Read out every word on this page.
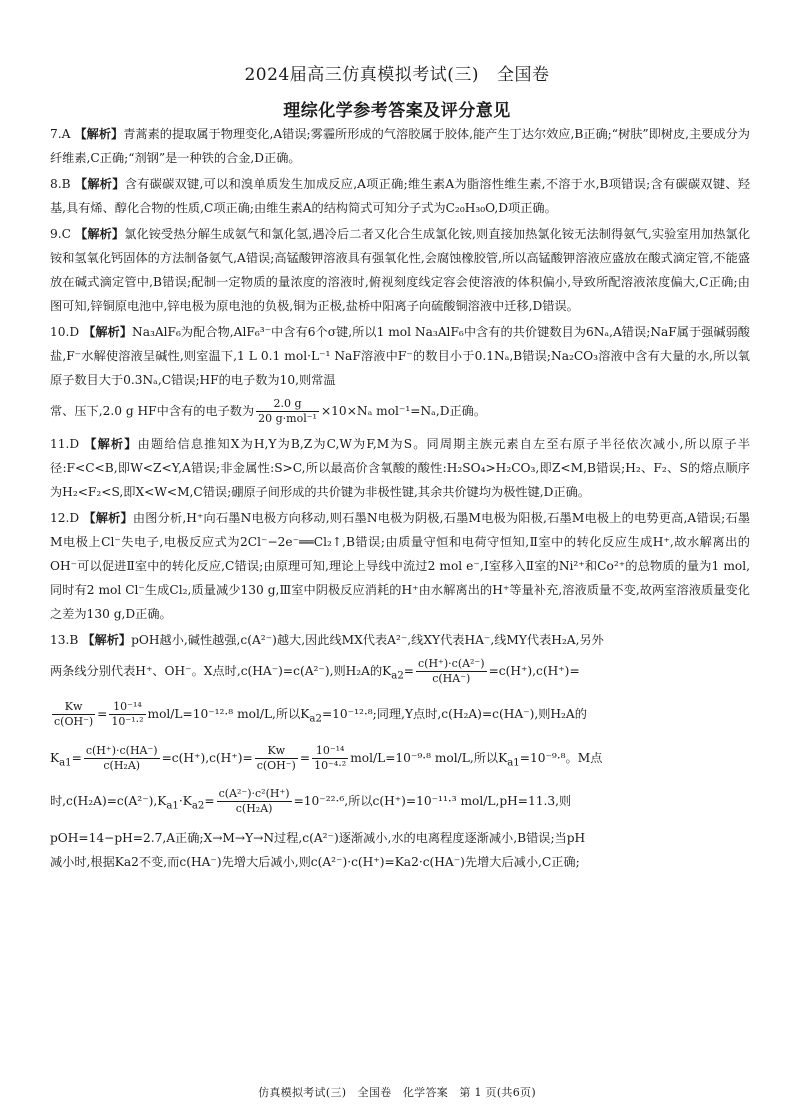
2024届高三仿真模拟考试(三) 全国卷
理综化学参考答案及评分意见
7.A 【解析】青蒿素的提取属于物理变化,A错误;雾霾所形成的气溶胶属于胶体,能产生丁达尔效应,B正确;“树肤”即树皮,主要成分为纤维素,C正确;“剂钢”是一种铁的合金,D正确。
8.B 【解析】含有碳碳双键,可以和溴单质发生加成反应,A项正确;维生素A为脂溶性维生素,不溶于水,B项错误;含有碳碳双键、羟基,具有烯、醇化合物的性质,C项正确;由维生素A的结构简式可知分子式为C₂₀H₃₀O,D项正确。
9.C 【解析】氯化铵受热分解生成氨气和氯化氢,遇冷后二者又化合生成氯化铵,则直接加热氯化铵无法制得氨气,实验室用加热氯化铵和氢氧化钙固体的方法制备氨气,A错误;高锰酸钾溶液具有强氧化性,会腐蚀橡胶管,所以高锰酸钾溶液应盛放在酸式滴定管,不能盛放在碱式滴定管中,B错误;配制一定物质的量浓度的溶液时,俯视刻度线定容会使溶液的体积偏小,导致所配溶液浓度偏大,C正确;由图可知,锌铜原电池中,锌电极为原电池的负极,铜为正极,盐桥中阳离子向硫酸铜溶液中迁移,D错误。
10.D 【解析】Na₃AlF₆为配合物,AlF₆³⁻中含有6个σ键,所以1 mol Na₃AlF₆中含有的共价键数目为6Nₐ,A错误;NaF属于强碱弱酸盐,F⁻水解使溶液呈碱性,则室温下,1 L 0.1 mol·L⁻¹ NaF溶液中F⁻的数目小于0.1Nₐ,B错误;Na₂CO₃溶液中含有大量的水,所以氧原子数目大于0.3Nₐ,C错误;HF的电子数为10,则常温
常、压下,2.0 g HF中含有的电子数为 $\frac{2.0 g}{\text{20 g·mol⁻¹}} \times 10\times N_a$ mol⁻¹=Nₐ,D正确。
11.D 【解析】由题给信息推知X为H,Y为B,Z为C,W为F,M为S。同周期主族元素自左至右原子半径依次减小,所以原子半径:F<C<B,即W<Z<Y,A错误;非金属性:S>C,所以最高价含氧酸的酸性:H₂SO₄>H₂CO₃,即Z<M,B错误;H₂、F₂、S的熔点顺序为H₂<F₂<S,即X<W<M,C错误;硼原子间形成的共价键为非极性键,其余共价键均为极性键,D正确。
12.D 【解析】由图分析,H⁺向石墨N电极方向移动,则石墨N电极为阴极,石墨M电极为阳极,石墨M电极上的电势更高,A错误;石墨M电极上Cl⁻失电子,电极反应式为2Cl⁻−2e⁻══Cl₂↑,B错误;由质量守恒和电荷守恒知,Ⅱ室中的转化反应生成H⁺,故水解离出的OH⁻可以促进Ⅱ室中的转化反应,C错误;由原理可知,理论上导线中流过2 mol e⁻,Ⅰ室移入Ⅱ室的Ni²⁺和Co²⁺的总物质的量为1 mol,同时有2 mol Cl⁻生成Cl₂,质量减少130 g,Ⅲ室中阴极反应消耗的H⁺由水解离出的H⁺等量补充,溶液质量不变,故两室溶液质量变化之差为130 g,D正确。
13.B 【解析】pOH越小,碱性越强,c(A²⁻)越大,因此线MX代表A²⁻,线XY代表HA⁻,线MY代表H₂A,另外
两条线分别代表H⁺、OH⁻。X点时,c(HA⁻)=c(A²⁻),则H₂A的$K_{a2}= \frac{\text{c(H⁺)·c(A²⁻)}}{c(HA^-)} =c(H^+),c(H^+)=$
$\frac{Kw}{c(OH^-)} = \frac{\text{10⁻¹⁴}}{\text{10⁻¹·²}} mol/L=10^{-12}\cdot^8$ mol/L,所以$K_{a2}=10^{-12}\cdot^8$;同理,Y点时,c(H₂A)=c(HA⁻),则H₂A的
$K_{a1}= \frac{c(H^+)\cdot c(HA^-)}{\text{c(H₂A)}} =c(H^+),c(H^+)= \frac{Kw}{c(OH^-)} = \frac{\text{10⁻¹⁴}}{\text{10⁻⁴·²}} mol/L=10^{-9}\cdot^8$ mol/L,所以$K_{a1}=10^{-9}\cdot^8$。M点
时$,c(H_2A)=c(A^{2-}),K_{a1}\cdot K_{a2}= \frac{\text{c(A²⁻)·c²(H⁺)}}{\text{c(H₂A)}} =10^{-22}\cdot^6$,所以c(H⁺)=10⁻¹¹·³ mol/L,pH=11.3,则
pOH=14−pH=2.7,A正确;X→M→Y→N过程,c(A²⁻)逐渐减小,水的电离程度逐渐减小,B错误;当pH
减小时,根据Ka2不变,而c(HA⁻)先增大后减小,则c(A²⁻)·c(H⁺)=Ka2·c(HA⁻)先增大后减小,C正确;
仿真模拟考试(三)　全国卷　化学答案　第 1 页(共6页)
